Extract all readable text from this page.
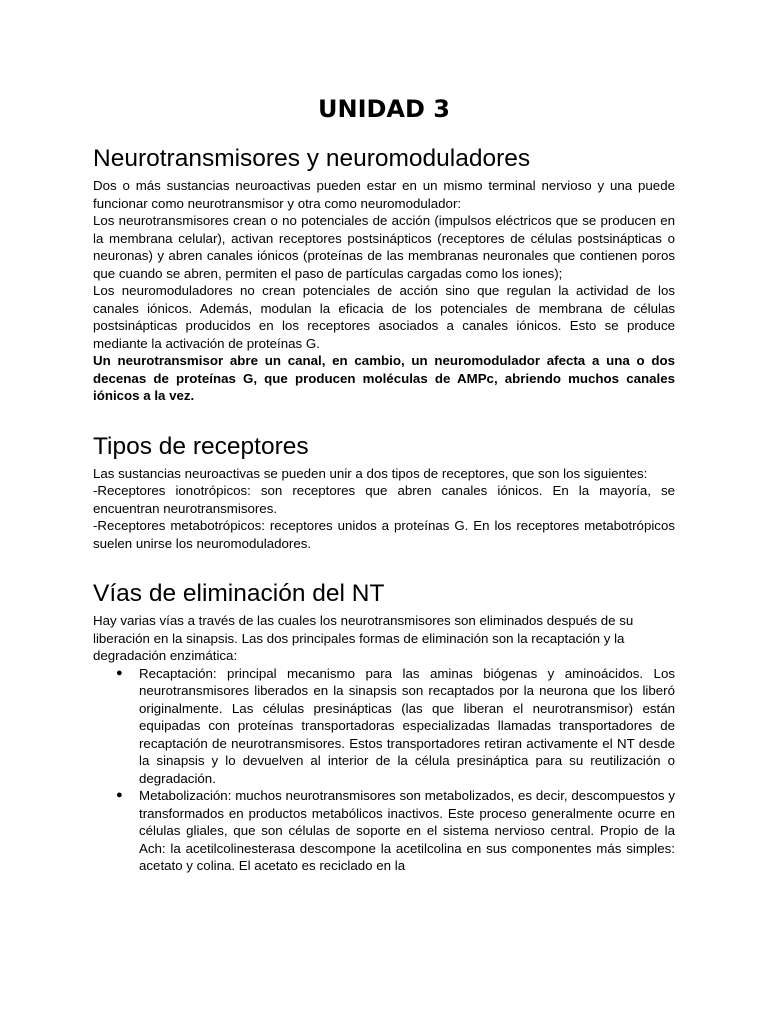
UNIDAD 3
Neurotransmisores y neuromoduladores

Dos o más sustancias neuroactivas pueden estar en un mismo terminal nervioso y una puede funcionar como neurotransmisor y otra como neuromodulador:

Los neurotransmisores crean o no potenciales de acción (impulsos eléctricos que se producen en la membrana celular), activan receptores postsinápticos (receptores de células postsinápticas o neuronas) y abren canales iónicos (proteínas de las membranas neuronales que contienen poros que cuando se abren, permiten el paso de partículas cargadas como los iones);

Los neuromoduladores no crean potenciales de acción sino que regulan la actividad de los canales iónicos. Además, modulan la eficacia de los potenciales de membrana de células postsinápticas producidos en los receptores asociados a canales iónicos. Esto se produce mediante la activación de proteínas G.

Un neurotransmisor abre un canal, en cambio, un neuromodulador afecta a una o dos decenas de proteínas G, que producen moléculas de AMPc, abriendo muchos canales iónicos a la vez.

Tipos de receptores

Las sustancias neuroactivas se pueden unir a dos tipos de receptores, que son los siguientes:

-Receptores ionotrópicos: son receptores que abren canales iónicos. En la mayoría, se encuentran neurotransmisores.

-Receptores metabotrópicos: receptores unidos a proteínas G. En los receptores metabotrópicos suelen unirse los neuromoduladores.

Vías de eliminación del NT

Hay varias vías a través de las cuales los neurotransmisores son eliminados después de su liberación en la sinapsis. Las dos principales formas de eliminación son la recaptación y la degradación enzimática:

● Recaptación: principal mecanismo para las aminas biógenas y aminoácidos. Los neurotransmisores liberados en la sinapsis son recaptados por la neurona que los liberó originalmente. Las células presinápticas (las que liberan el neurotransmisor) están equipadas con proteínas transportadoras especializadas llamadas transportadores de recaptación de neurotransmisores. Estos transportadores retiran activamente el NT desde la sinapsis y lo devuelven al interior de la célula presináptica para su reutilización o degradación.
● Metabolización: muchos neurotransmisores son metabolizados, es decir, descompuestos y transformados en productos metabólicos inactivos. Este proceso generalmente ocurre en células gliales, que son células de soporte en el sistema nervioso central. Propio de la Ach: la acetilcolinesterasa descompone la acetilcolina en sus componentes más simples: acetato y colina. El acetato es reciclado en la
